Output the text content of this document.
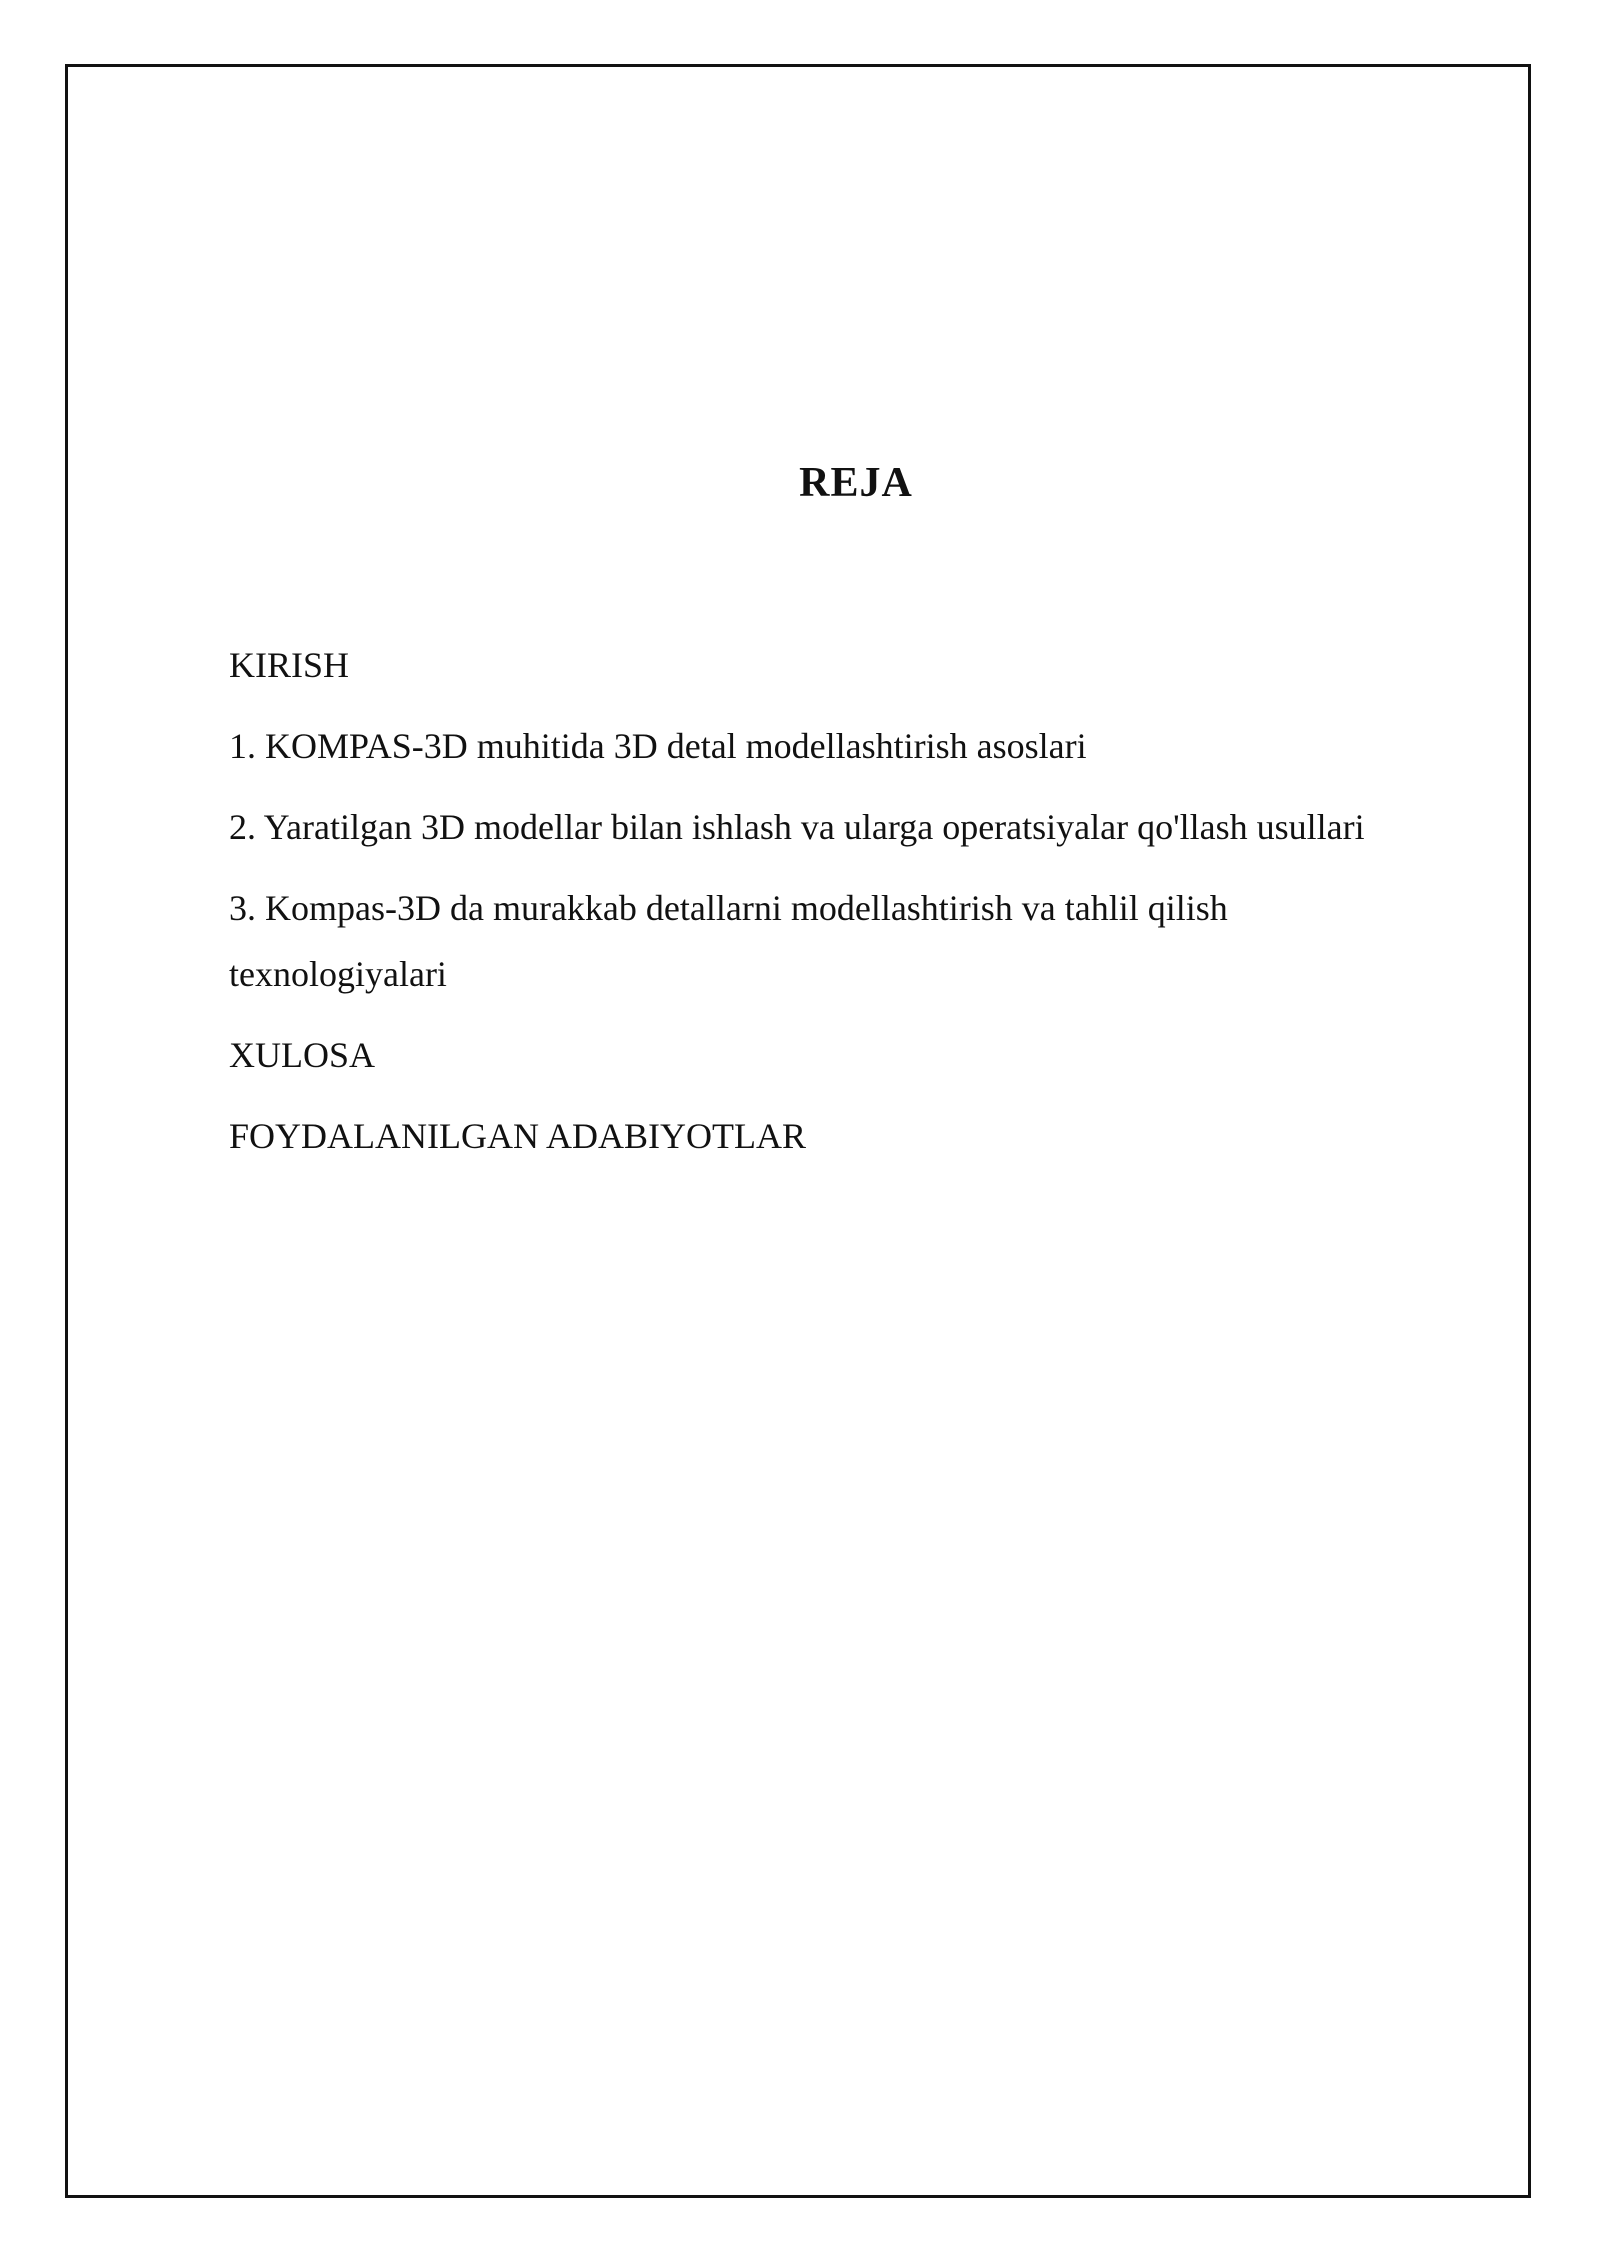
REJA
KIRISH
1. KOMPAS-3D muhitida 3D detal modellashtirish asoslari
2. Yaratilgan 3D modellar bilan ishlash va ularga operatsiyalar qo'llash usullari
3. Kompas-3D da murakkab detallarni modellashtirish va tahlil qilish texnologiyalari
XULOSA
FOYDALANILGAN ADABIYOTLAR
